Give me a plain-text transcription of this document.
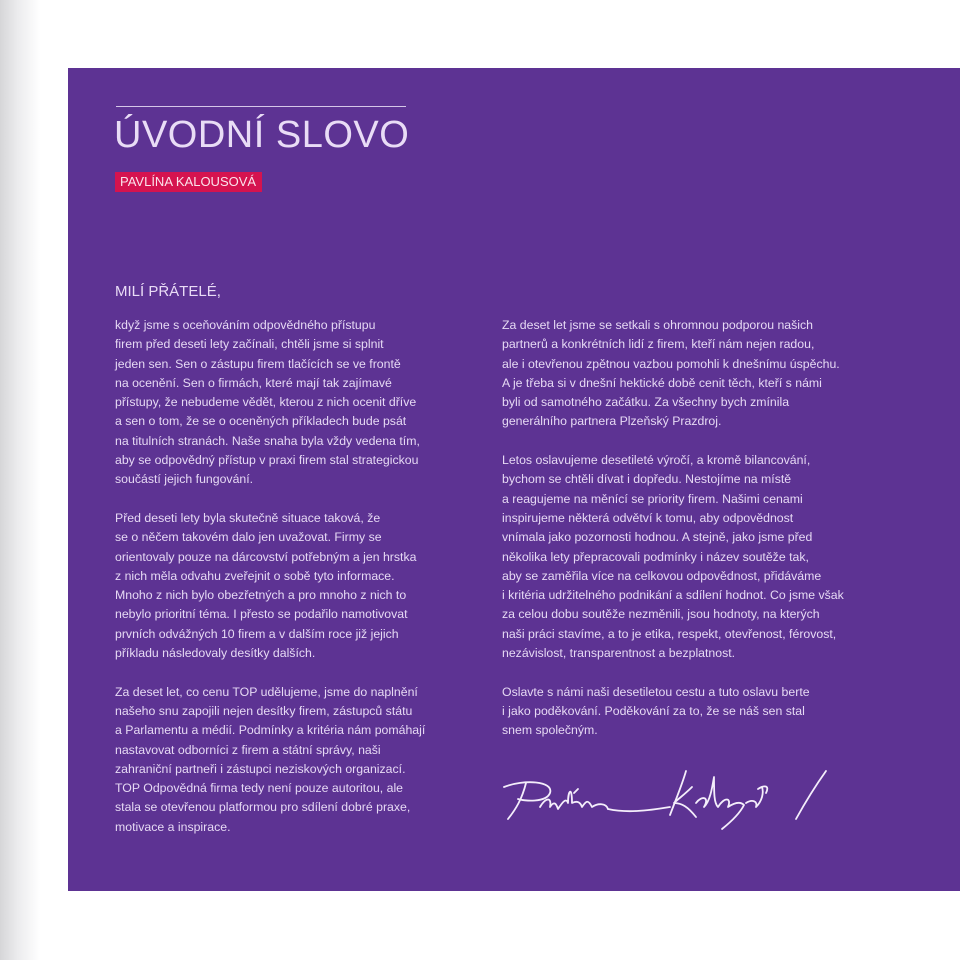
ÚVODNÍ SLOVO
PAVLÍNA KALOUSOVÁ
MILÍ PŘÁTELÉ,

když jsme s oceňováním odpovědného přístupu
firem před deseti lety začínali, chtěli jsme si splnit
jeden sen. Sen o zástupu firem tlačících se ve frontě
na ocenění. Sen o firmách, které mají tak zajímavé
přístupy, že nebudeme vědět, kterou z nich ocenit dříve
a sen o tom, že se o oceněných příkladech bude psát
na titulních stranách. Naše snaha byla vždy vedena tím,
aby se odpovědný přístup v praxi firem stal strategickou
součástí jejich fungování.

Před deseti lety byla skutečně situace taková, že
se o něčem takovém dalo jen uvažovat. Firmy se
orientovaly pouze na dárcovství potřebným a jen hrstka
z nich měla odvahu zveřejnit o sobě tyto informace.
Mnoho z nich bylo obezřetných a pro mnoho z nich to
nebylo prioritní téma. I přesto se podařilo namotivovat
prvních odvážných 10 firem a v dalším roce již jejich
příkladu následovaly desítky dalších.

Za deset let, co cenu TOP udělujeme, jsme do naplnění
našeho snu zapojili nejen desítky firem, zástupců státu
a Parlamentu a médií. Podmínky a kritéria nám pomáhají
nastavovat odborníci z firem a státní správy, naši
zahraniční partneři i zástupci neziskových organizací.
TOP Odpovědná firma tedy není pouze autoritou, ale
stala se otevřenou platformou pro sdílení dobré praxe,
motivace a inspirace.

Za deset let jsme se setkali s ohromnou podporou našich
partnerů a konkrétních lidí z firem, kteří nám nejen radou,
ale i otevřenou zpětnou vazbou pomohli k dnešnímu úspěchu.
A je třeba si v dnešní hektické době cenit těch, kteří s námi
byli od samotného začátku. Za všechny bych zmínila
generálního partnera Plzeňský Prazdroj.

Letos oslavujeme desetileté výročí, a kromě bilancování,
bychom se chtěli dívat i dopředu. Nestojíme na místě
a reagujeme na měnící se priority firem. Našimi cenami
inspirujeme některá odvětví k tomu, aby odpovědnost
vnímala jako pozornosti hodnou. A stejně, jako jsme před
několika lety přepracovali podmínky i název soutěže tak,
aby se zaměřila více na celkovou odpovědnost, přidáváme
i kritéria udržitelného podnikání a sdílení hodnot. Co jsme však
za celou dobu soutěže nezměnili, jsou hodnoty, na kterých
naši práci stavíme, a to je etika, respekt, otevřenost, férovost,
nezávislost, transparentnost a bezplatnost.

Oslavte s námi naši desetiletou cestu a tuto oslavu berte
i jako poděkování. Poděkování za to, že se náš sen stal
snem společným.
